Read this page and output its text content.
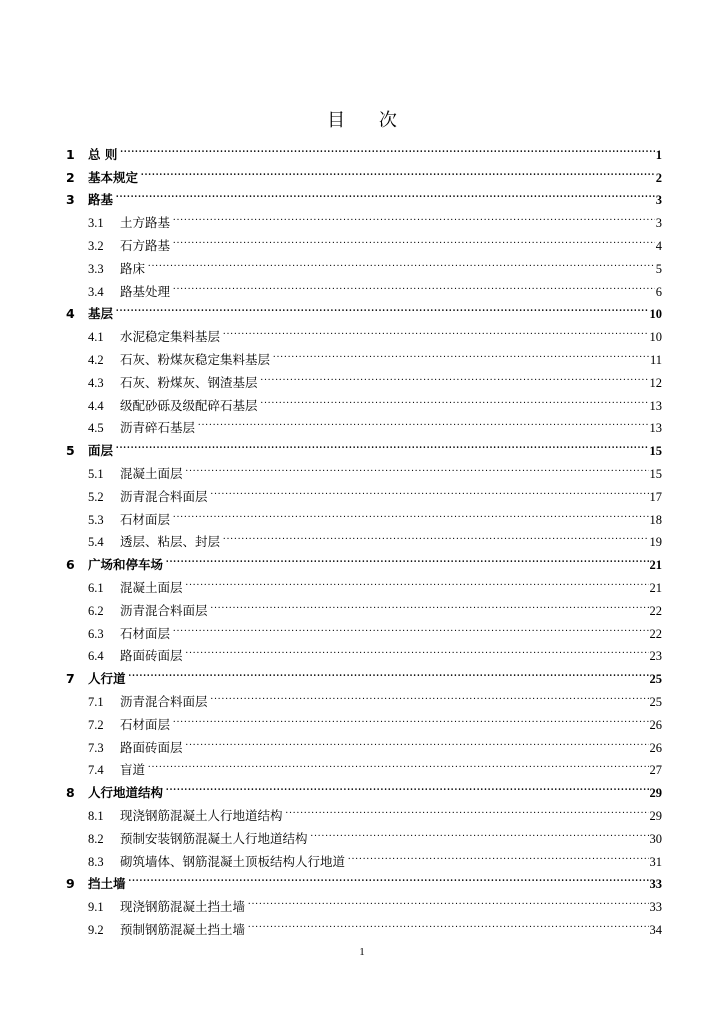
目 次
1	总 则 .....	1
2	基本规定 .....	2
3	路基 .....	3
3.1	土方路基 .....	3
3.2	石方路基 .....	4
3.3	路床 .....	5
3.4	路基处理 .....	6
4	基层 .....	10
4.1	水泥稳定集料基层 .....	10
4.2	石灰、粉煤灰稳定集料基层 .....	11
4.3	石灰、粉煤灰、钢渣基层 .....	12
4.4	级配砂砾及级配碎石基层 .....	13
4.5	沥青碎石基层 .....	13
5	面层 .....	15
5.1	混凝土面层 .....	15
5.2	沥青混合料面层 .....	17
5.3	石材面层 .....	18
5.4	透层、粘层、封层 .....	19
6	广场和停车场 .....	21
6.1	混凝土面层 .....	21
6.2	沥青混合料面层 .....	22
6.3	石材面层 .....	22
6.4	路面砖面层 .....	23
7	人行道 .....	25
7.1	沥青混合料面层 .....	25
7.2	石材面层 .....	26
7.3	路面砖面层 .....	26
7.4	盲道 .....	27
8	人行地道结构 .....	29
8.1	现浇钢筋混凝土人行地道结构 .....	29
8.2	预制安装钢筋混凝土人行地道结构 .....	30
8.3	砌筑墙体、钢筋混凝土顶板结构人行地道 .....	31
9	挡土墙 .....	33
9.1	现浇钢筋混凝土挡土墙 .....	33
9.2	预制钢筋混凝土挡土墙 .....	34
1
